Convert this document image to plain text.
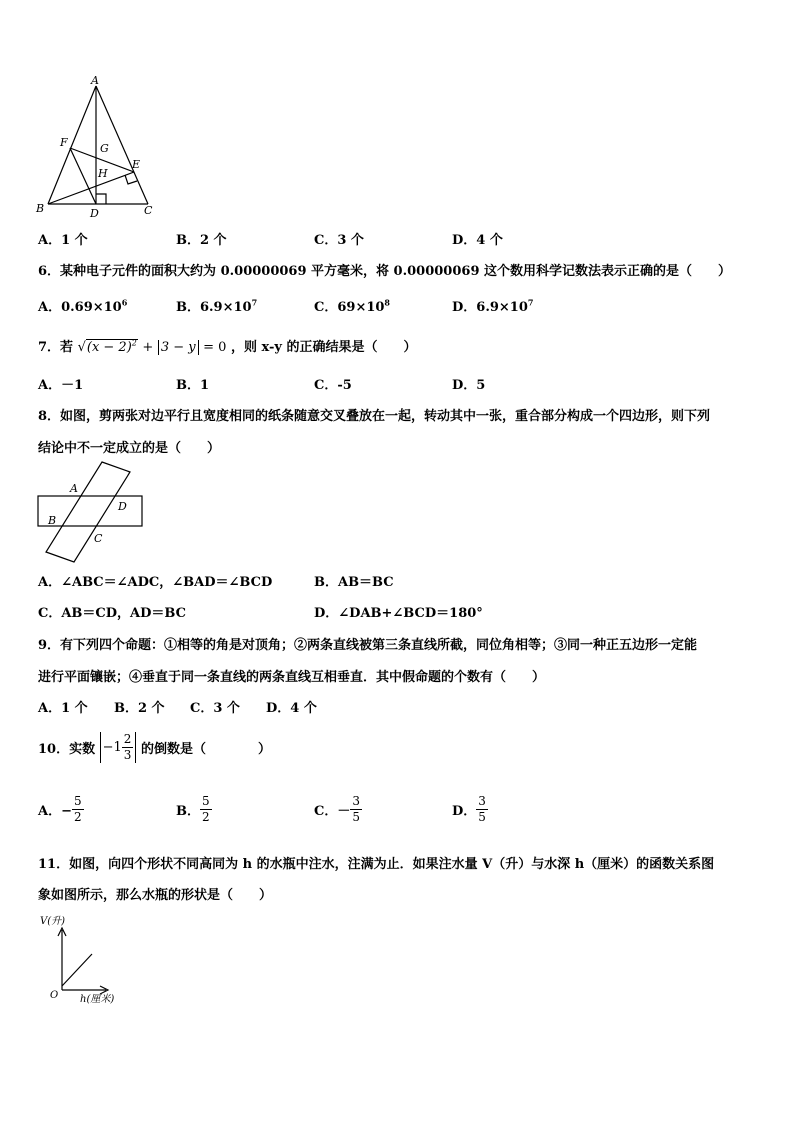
A
F	G
E
H
B	D	C
A．1 个	B．2 个	C．3 个	D．4 个
6．某种电子元件的面积大约为 0.00000069 平方毫米，将 0.00000069 这个数用科学记数法表示正确的是（　　）
A．$0.69\times 10^6$	B．$6.9\times 10^7$	C．$69\times 10^8$	D．$6.9\times 10^7$
7．若 $√(x - 2)^2 + 3 - y = 0$ ，则 x-y 的正确结果是（　　）
A．－1	B．1	C．-5	D．5
8．如图，剪两张对边平行且宽度相同的纸条随意交叉叠放在一起，转动其中一张，重合部分构成一个四边形，则下列
结论中不一定成立的是（　　）
A
D
B
C
A．∠ABC＝∠ADC，∠BAD＝∠BCD	B．AB＝BC
C．AB＝CD，AD＝BC	D．∠DAB+∠BCD＝180°
9．有下列四个命题：①相等的角是对顶角；②两条直线被第三条直线所截，同位角相等；③同一种正五边形一定能
进行平面镶嵌；④垂直于同一条直线的两条直线互相垂直．其中假命题的个数有（　　）
A．1 个 B．2 个 C．3 个 D．4 个
10．实数 $-1 \frac{2}{3}$ 的倒数是（　　　　）
A．− $\frac{5}{2}$	B． $\frac{5}{2}$	C．－ $\frac{3}{5}$	D． $\frac{3}{5}$
11．如图，向四个形状不同高同为 h 的水瓶中注水，注满为止．如果注水量 V（升）与水深 h（厘米）的函数关系图
象如图所示，那么水瓶的形状是（　　）
V(升)
O h(厘米)
